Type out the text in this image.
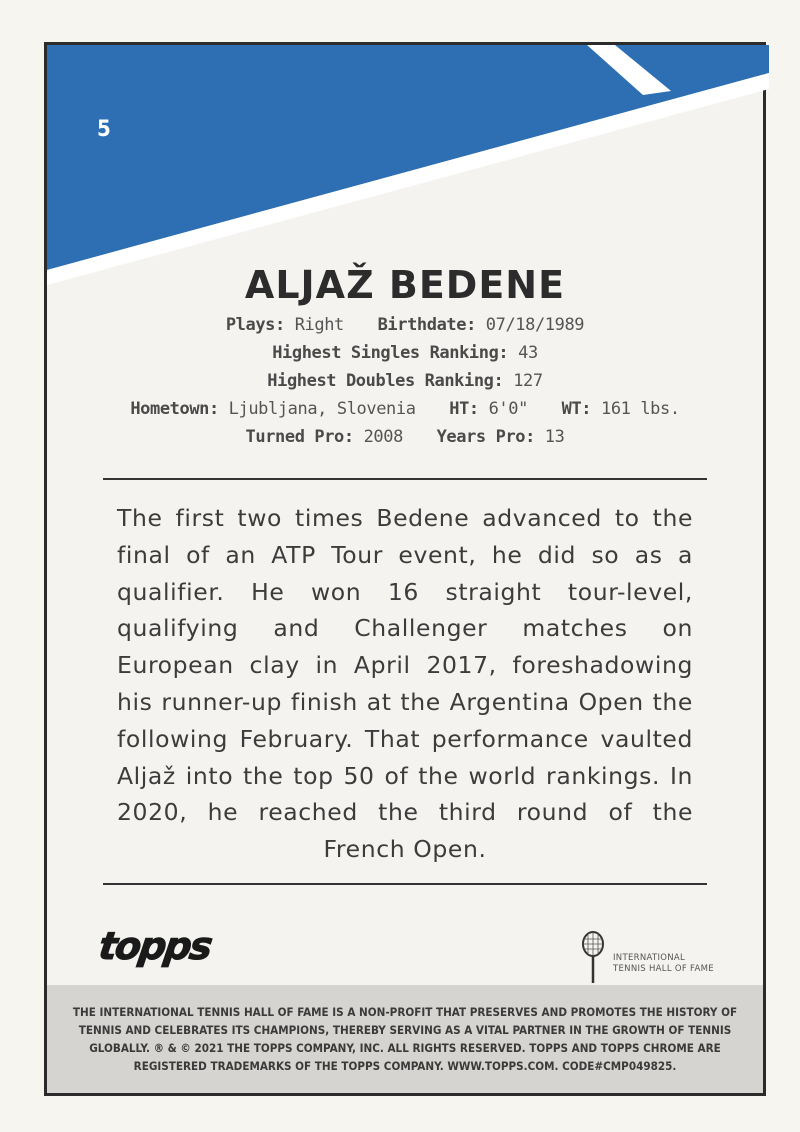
5
ALJAŽ BEDENE
Plays: Right Birthdate: 07/18/1989
Highest Singles Ranking: 43
Highest Doubles Ranking: 127
Hometown: Ljubljana, Slovenia HT: 6'0" WT: 161 lbs.
Turned Pro: 2008 Years Pro: 13

The first two times Bedene advanced to the final of an ATP Tour event, he did so as a qualifier. He won 16 straight tour-level, qualifying and Challenger matches on European clay in April 2017, foreshadowing his runner-up finish at the Argentina Open the following February. That performance vaulted Aljaž into the top 50 of the world rankings. In 2020, he reached the third round of the French Open.

topps	INTERNATIONAL
TENNIS HALL OF FAME

THE INTERNATIONAL TENNIS HALL OF FAME IS A NON-PROFIT THAT PRESERVES AND PROMOTES THE HISTORY OF TENNIS AND CELEBRATES ITS CHAMPIONS, THEREBY SERVING AS A VITAL PARTNER IN THE GROWTH OF TENNIS GLOBALLY. ® & © 2021 THE TOPPS COMPANY, INC. ALL RIGHTS RESERVED. TOPPS AND TOPPS CHROME ARE REGISTERED TRADEMARKS OF THE TOPPS COMPANY. WWW.TOPPS.COM. CODE#CMP049825.
